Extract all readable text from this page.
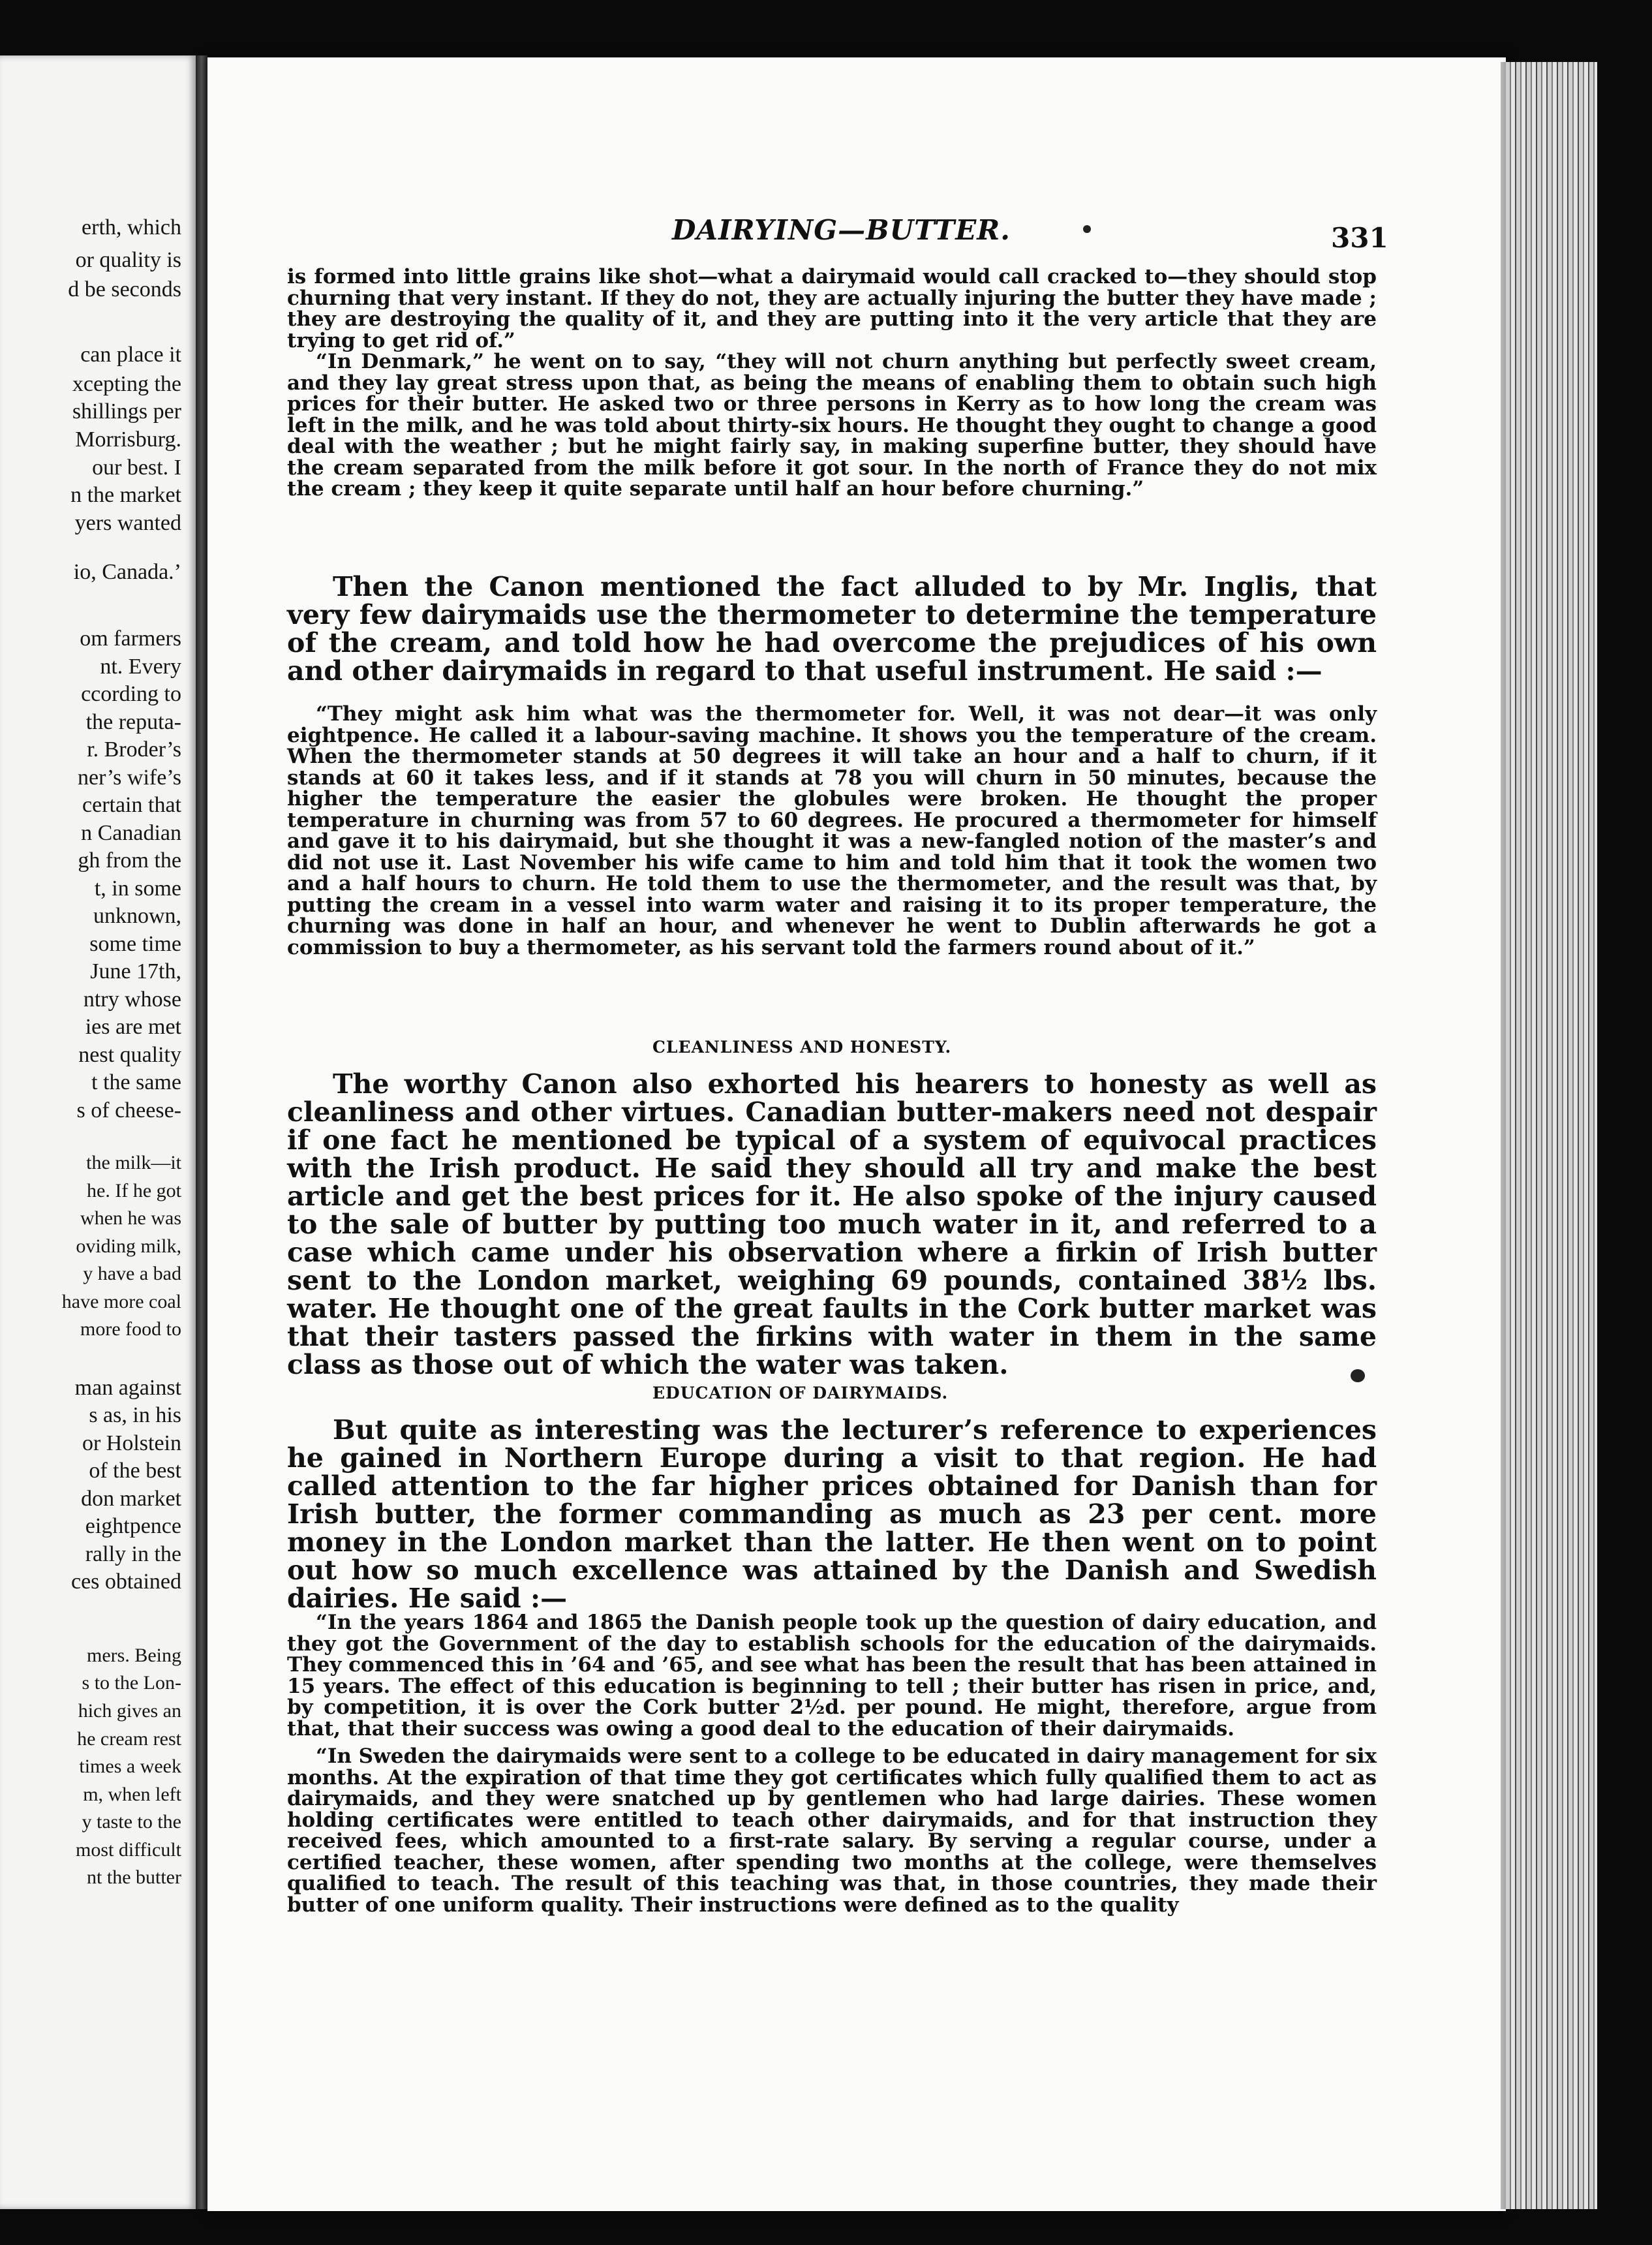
erth, which
or quality is
d be seconds
can place it
xcepting the
shillings per
Morrisburg.
our best. I
n the market
yers wanted
io, Canada.’
om farmers
nt. Every
ccording to
the reputa-
r. Broder’s
ner’s wife’s
certain that
n Canadian
gh from the
t, in some
unknown,
some time
June 17th,
ntry whose
ies are met
nest quality
t the same
s of cheese-
the milk—it
he. If he got
when he was
oviding milk,
y have a bad
have more coal
more food to
man against
s as, in his
or Holstein
of the best
don market
eightpence
rally in the
ces obtained
mers. Being
s to the Lon-
hich gives an
he cream rest
times a week
m, when left
y taste to the
most difficult
nt the butter
DAIRYING—BUTTER.	331

is formed into little grains like shot—what a dairymaid would call cracked to—they should stop churning that very instant. If they do not, they are actually injuring the butter they have made ; they are destroying the quality of it, and they are putting into it the very article that they are trying to get rid of.”

“In Denmark,” he went on to say, “they will not churn anything but perfectly sweet cream, and they lay great stress upon that, as being the means of enabling them to obtain such high prices for their butter. He asked two or three persons in Kerry as to how long the cream was left in the milk, and he was told about thirty-six hours. He thought they ought to change a good deal with the weather ; but he might fairly say, in making superfine butter, they should have the cream separated from the milk before it got sour. In the north of France they do not mix the cream ; they keep it quite separate until half an hour before churning.”

Then the Canon mentioned the fact alluded to by Mr. Inglis, that very few dairymaids use the thermometer to determine the temperature of the cream, and told how he had overcome the prejudices of his own and other dairymaids in regard to that useful instrument. He said :—

“They might ask him what was the thermometer for. Well, it was not dear—it was only eightpence. He called it a labour-saving machine. It shows you the temperature of the cream. When the thermometer stands at 50 degrees it will take an hour and a half to churn, if it stands at 60 it takes less, and if it stands at 78 you will churn in 50 minutes, because the higher the temperature the easier the globules were broken. He thought the proper temperature in churning was from 57 to 60 degrees. He procured a thermometer for himself and gave it to his dairymaid, but she thought it was a new-fangled notion of the master’s and did not use it. Last November his wife came to him and told him that it took the women two and a half hours to churn. He told them to use the thermometer, and the result was that, by putting the cream in a vessel into warm water and raising it to its proper temperature, the churning was done in half an hour, and whenever he went to Dublin afterwards he got a commission to buy a thermometer, as his servant told the farmers round about of it.”

CLEANLINESS AND HONESTY.

The worthy Canon also exhorted his hearers to honesty as well as cleanliness and other virtues. Canadian butter-makers need not despair if one fact he mentioned be typical of a system of equivocal practices with the Irish product. He said they should all try and make the best article and get the best prices for it. He also spoke of the injury caused to the sale of butter by putting too much water in it, and referred to a case which came under his observation where a firkin of Irish butter sent to the London market, weighing 69 pounds, contained 38½ lbs. water. He thought one of the great faults in the Cork butter market was that their tasters passed the firkins with water in them in the same class as those out of which the water was taken.

EDUCATION OF DAIRYMAIDS.

But quite as interesting was the lecturer’s reference to experiences he gained in Northern Europe during a visit to that region. He had called attention to the far higher prices obtained for Danish than for Irish butter, the former commanding as much as 23 per cent. more money in the London market than the latter. He then went on to point out how so much excellence was attained by the Danish and Swedish dairies. He said :—

“In the years 1864 and 1865 the Danish people took up the question of dairy education, and they got the Government of the day to establish schools for the education of the dairymaids. They commenced this in ’64 and ’65, and see what has been the result that has been attained in 15 years. The effect of this education is beginning to tell ; their butter has risen in price, and, by competition, it is over the Cork butter 2½d. per pound. He might, therefore, argue from that, that their success was owing a good deal to the education of their dairymaids.

“In Sweden the dairymaids were sent to a college to be educated in dairy management for six months. At the expiration of that time they got certificates which fully qualified them to act as dairymaids, and they were snatched up by gentlemen who had large dairies. These women holding certificates were entitled to teach other dairymaids, and for that instruction they received fees, which amounted to a first-rate salary. By serving a regular course, under a certified teacher, these women, after spending two months at the college, were themselves qualified to teach. The result of this teaching was that, in those countries, they made their butter of one uniform quality. Their instructions were defined as to the quality
